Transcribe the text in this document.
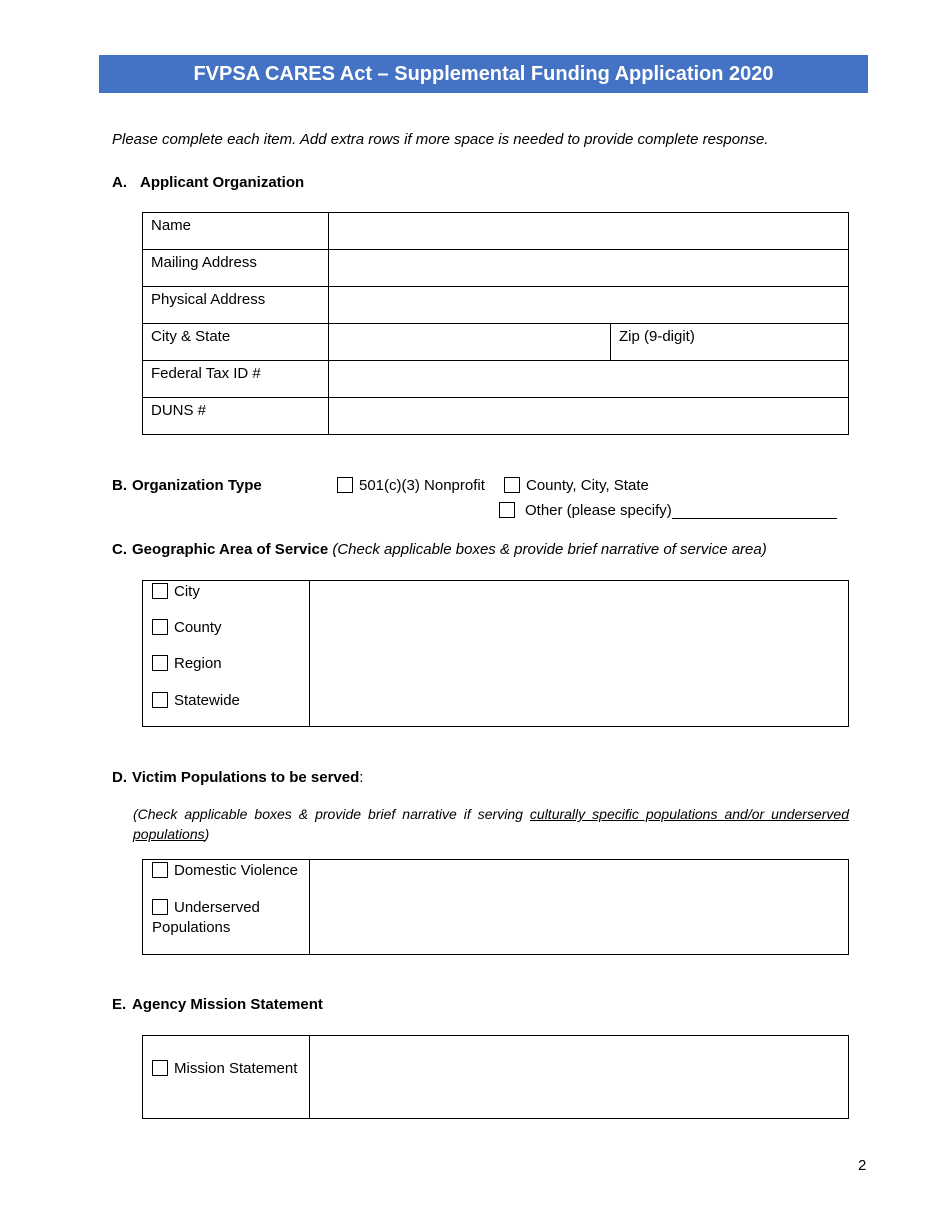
FVPSA CARES Act – Supplemental Funding Application 2020
Please complete each item. Add extra rows if more space is needed to provide complete response.
A. Applicant Organization
Name		
Mailing Address		
Physical Address		
City & State		Zip (9-digit)
Federal Tax ID #		
DUNS #		
B. Organization Type	501(c)(3) Nonprofit	County, City, State
Other (please specify)
C. Geographic Area of Service (Check applicable boxes & provide brief narrative of service area)
City
County
Region
Statewide
D. Victim Populations to be served:
(Check applicable boxes & provide brief narrative if serving culturally specific populations and/or underserved populations)
Domestic Violence
Underserved
Populations
E. Agency Mission Statement
Mission Statement
2
